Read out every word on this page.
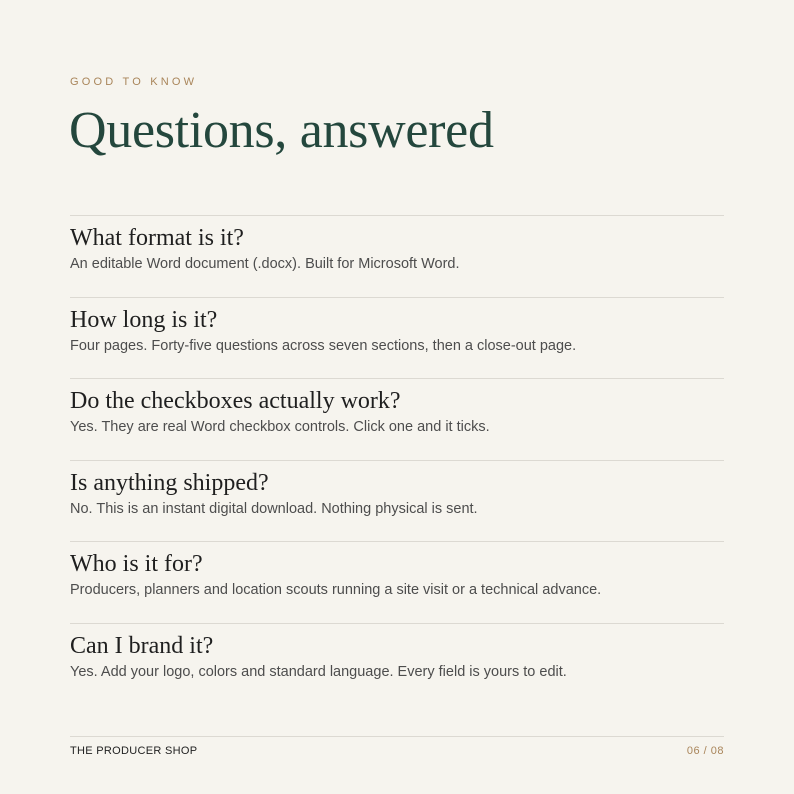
GOOD TO KNOW
Questions, answered
What format is it?

An editable Word document (.docx). Built for Microsoft Word.

How long is it?

Four pages. Forty-five questions across seven sections, then a close-out page.

Do the checkboxes actually work?

Yes. They are real Word checkbox controls. Click one and it ticks.

Is anything shipped?

No. This is an instant digital download. Nothing physical is sent.

Who is it for?

Producers, planners and location scouts running a site visit or a technical advance.

Can I brand it?

Yes. Add your logo, colors and standard language. Every field is yours to edit.

THE PRODUCER SHOP	06 / 08
